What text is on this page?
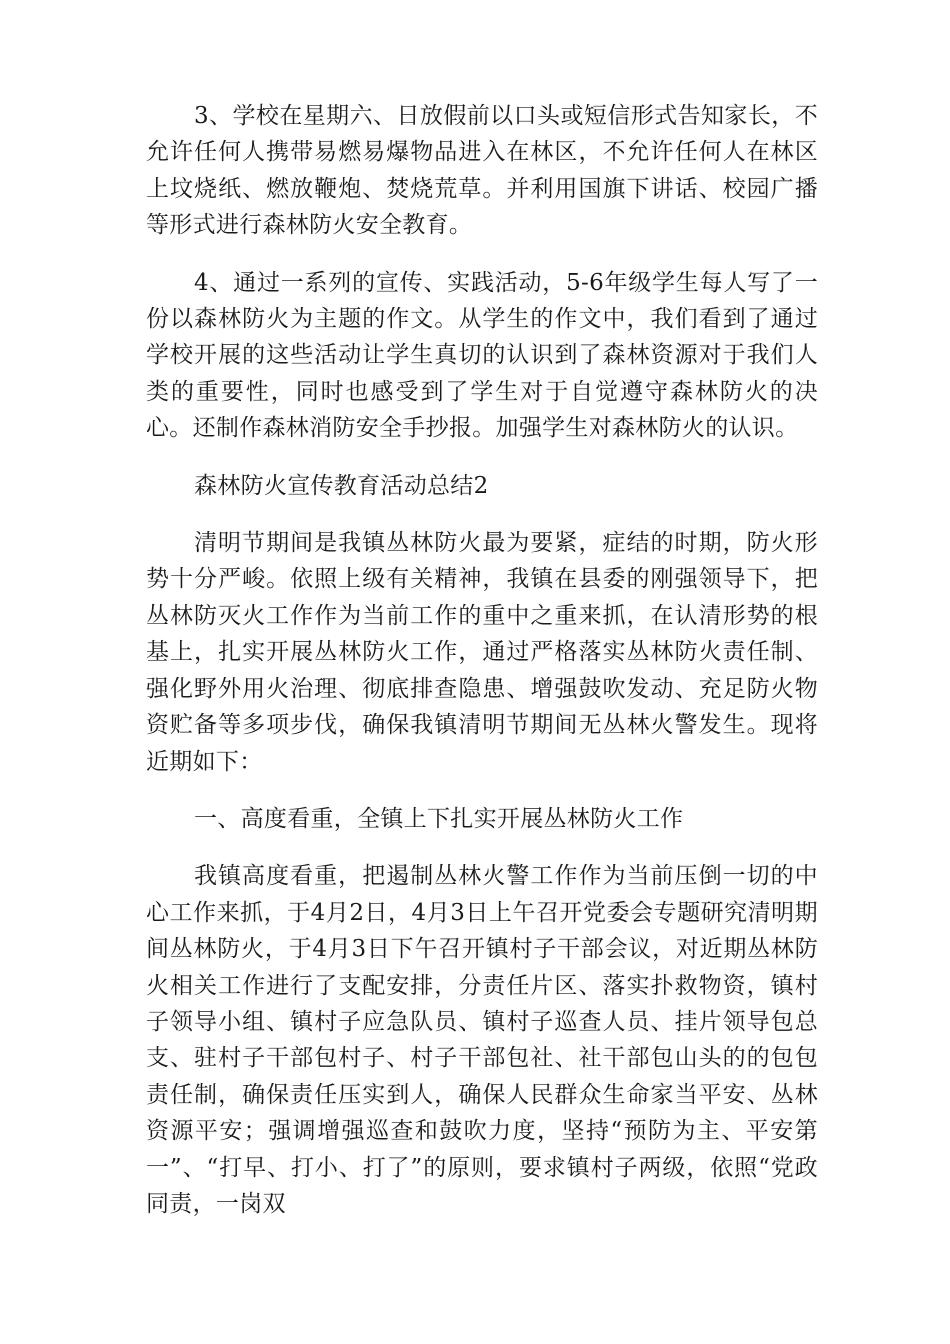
3、学校在星期六、日放假前以口头或短信形式告知家长，不允许任何人携带易燃易爆物品进入在林区，不允许任何人在林区上坟烧纸、燃放鞭炮、焚烧荒草。并利用国旗下讲话、校园广播等形式进行森林防火安全教育。

4、通过一系列的宣传、实践活动，5-6年级学生每人写了一份以森林防火为主题的作文。从学生的作文中，我们看到了通过学校开展的这些活动让学生真切的认识到了森林资源对于我们人类的重要性，同时也感受到了学生对于自觉遵守森林防火的决心。还制作森林消防安全手抄报。加强学生对森林防火的认识。

森林防火宣传教育活动总结2

清明节期间是我镇丛林防火最为要紧，症结的时期，防火形势十分严峻。依照上级有关精神，我镇在县委的刚强领导下，把丛林防灭火工作作为当前工作的重中之重来抓，在认清形势的根基上，扎实开展丛林防火工作，通过严格落实丛林防火责任制、强化野外用火治理、彻底排查隐患、增强鼓吹发动、充足防火物资贮备等多项步伐，确保我镇清明节期间无丛林火警发生。现将近期如下：

一、高度看重，全镇上下扎实开展丛林防火工作

我镇高度看重，把遏制丛林火警工作作为当前压倒一切的中心工作来抓，于4月2日，4月3日上午召开党委会专题研究清明期间丛林防火，于4月3日下午召开镇村子干部会议，对近期丛林防火相关工作进行了支配安排，分责任片区、落实扑救物资，镇村子领导小组、镇村子应急队员、镇村子巡查人员、挂片领导包总支、驻村子干部包村子、村子干部包社、社干部包山头的的包包责任制，确保责任压实到人，确保人民群众生命家当平安、丛林资源平安；强调增强巡查和鼓吹力度，坚持“预防为主、平安第一”、“打早、打小、打了”的原则，要求镇村子两级，依照“党政同责，一岗双
